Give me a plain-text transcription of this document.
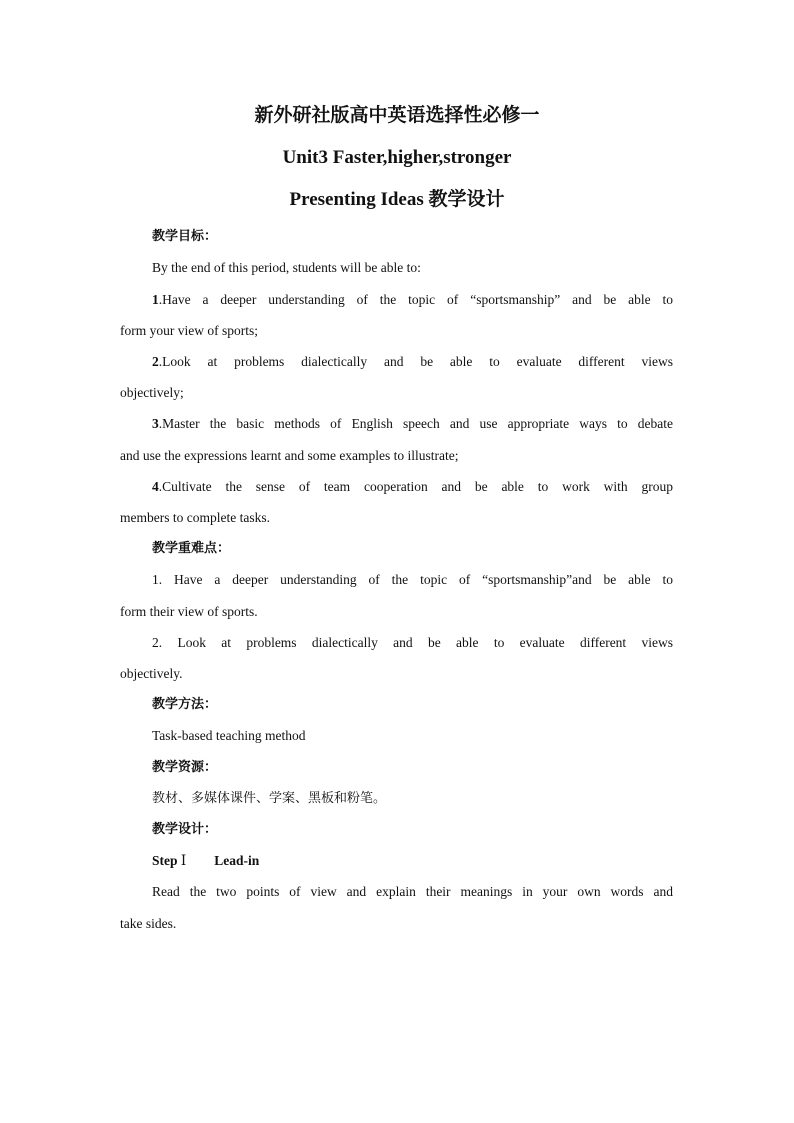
新外研社版高中英语选择性必修一
Unit3 Faster,higher,stronger
Presenting Ideas 教学设计
教学目标：
By the end of this period, students will be able to:
1.Have a deeper understanding of the topic of “sportsmanship” and be able to
form your view of sports;
2.Look at problems dialectically and be able to evaluate different views
objectively;
3.Master the basic methods of English speech and use appropriate ways to debate
and use the expressions learnt and some examples to illustrate;
4.Cultivate the sense of team cooperation and be able to work with group
members to complete tasks.
教学重难点：
1. Have a deeper understanding of the topic of “sportsmanship”and be able to
form their view of sports.
2. Look at problems dialectically and be able to evaluate different views
objectively.
教学方法：
Task-based teaching method
教学资源：
教材、多媒体课件、学案、黑板和粉笔。
教学设计：
Step Ⅰ Lead-in
Read the two points of view and explain their meanings in your own words and
take sides.
